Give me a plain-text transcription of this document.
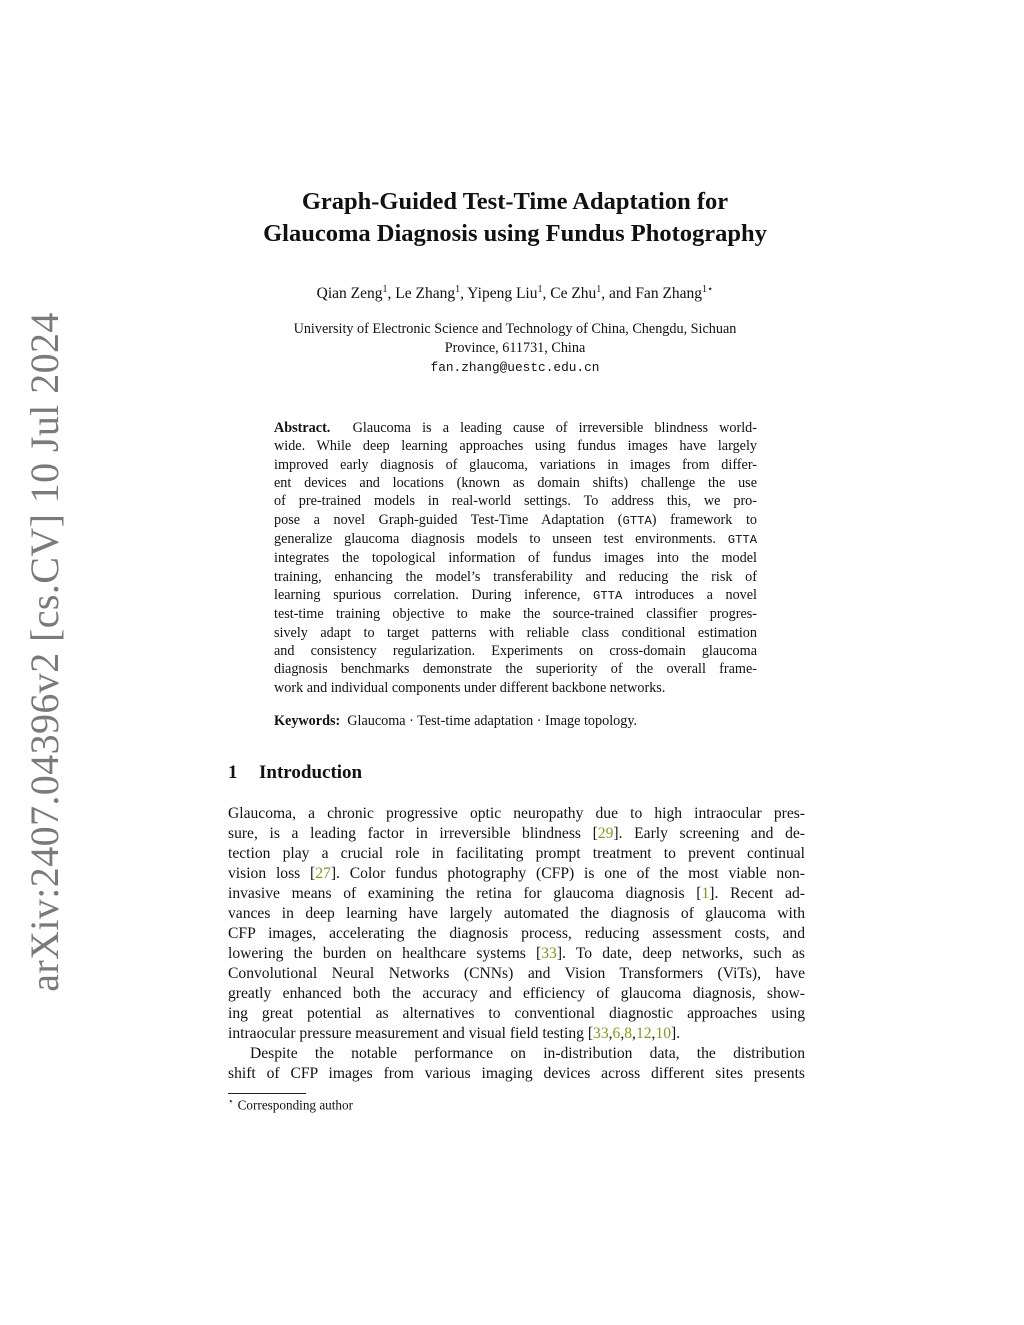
arXiv:2407.04396v2 [cs.CV] 10 Jul 2024
Graph-Guided Test-Time Adaptation for
Glaucoma Diagnosis using Fundus Photography
Qian Zeng$^1$, Le Zhang$^1$, Yipeng Liu$^1$, Ce Zhu$^1$, and Fan Zhang$^{1⋆}$
University of Electronic Science and Technology of China, Chengdu, Sichuan
Province, 611731, China
fan.zhang@uestc.edu.cn
Abstract. Glaucoma is a leading cause of irreversible blindness world-
wide. While deep learning approaches using fundus images have largely
improved early diagnosis of glaucoma, variations in images from differ-
ent devices and locations (known as domain shifts) challenge the use
of pre-trained models in real-world settings. To address this, we pro-
pose a novel Graph-guided Test-Time Adaptation (GTTA) framework to
generalize glaucoma diagnosis models to unseen test environments. GTTA
integrates the topological information of fundus images into the model
training, enhancing the model’s transferability and reducing the risk of
learning spurious correlation. During inference, GTTA introduces a novel
test-time training objective to make the source-trained classifier progres-
sively adapt to target patterns with reliable class conditional estimation
and consistency regularization. Experiments on cross-domain glaucoma
diagnosis benchmarks demonstrate the superiority of the overall frame-
work and individual components under different backbone networks.
Keywords: Glaucoma · Test-time adaptation · Image topology.
1 Introduction
Glaucoma, a chronic progressive optic neuropathy due to high intraocular pres-
sure, is a leading factor in irreversible blindness [29]. Early screening and de-
tection play a crucial role in facilitating prompt treatment to prevent continual
vision loss [27]. Color fundus photography (CFP) is one of the most viable non-
invasive means of examining the retina for glaucoma diagnosis [1]. Recent ad-
vances in deep learning have largely automated the diagnosis of glaucoma with
CFP images, accelerating the diagnosis process, reducing assessment costs, and
lowering the burden on healthcare systems [33]. To date, deep networks, such as
Convolutional Neural Networks (CNNs) and Vision Transformers (ViTs), have
greatly enhanced both the accuracy and efficiency of glaucoma diagnosis, show-
ing great potential as alternatives to conventional diagnostic approaches using
intraocular pressure measurement and visual field testing [33,6,8,12,10].
Despite the notable performance on in-distribution data, the distribution
shift of CFP images from various imaging devices across different sites presents
⋆ Corresponding author
